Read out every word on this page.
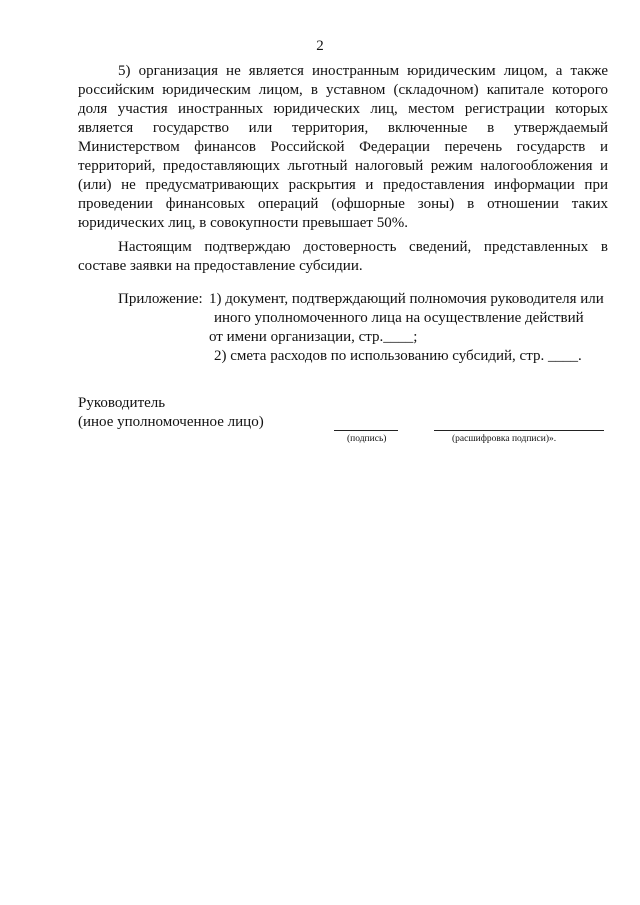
2

5) организация не является иностранным юридическим лицом, а также российским юридическим лицом, в уставном (складочном) капитале которого доля участия иностранных юридических лиц, местом регистрации которых является государство или территория, включенные в утверждаемый Министерством финансов Российской Федерации перечень государств и территорий, предоставляющих льготный налоговый режим налогообложения и (или) не предусматривающих раскрытия и предоставления информации при проведении финансовых операций (офшорные зоны) в отношении таких юридических лиц, в совокупности превышает 50%.

Настоящим подтверждаю достоверность сведений, представленных в составе заявки на предоставление субсидии.

Приложение: 1) документ, подтверждающий полномочия руководителя или
иного уполномоченного лица на осуществление действий
от имени организации, стр.____;
2) смета расходов по использованию субсидий, стр. ____.
Руководитель
(иное уполномоченное лицо)
(подпись)	(расшифровка подписи)».
